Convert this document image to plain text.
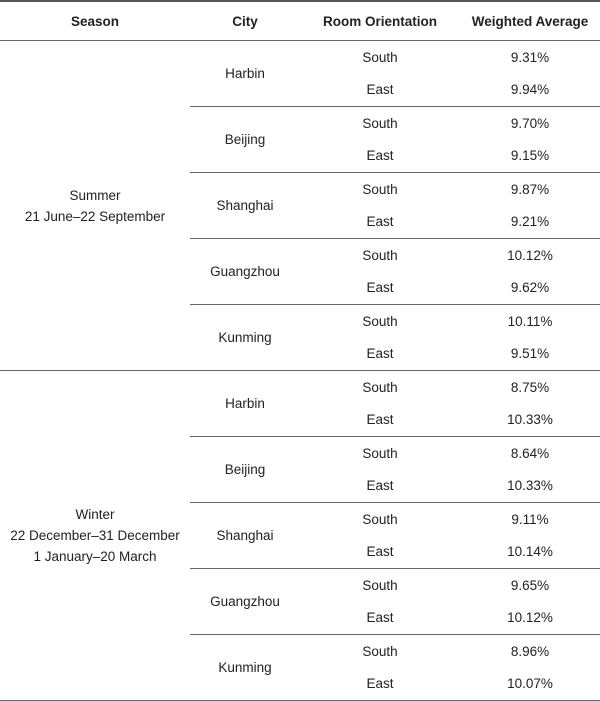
Season	City	Room Orientation	Weighted Average

Summer
21 June–22 September	Harbin	South	9.31%
		East	9.94%
	Beijing	South	9.70%
		East	9.15%
	Shanghai	South	9.87%
		East	9.21%
	Guangzhou	South	10.12%
		East	9.62%
	Kunming	South	10.11%
		East	9.51%

Winter
22 December–31 December
1 January–20 March	Harbin	South	8.75%
		East	10.33%
	Beijing	South	8.64%
		East	10.33%
	Shanghai	South	9.11%
		East	10.14%
	Guangzhou	South	9.65%
		East	10.12%
	Kunming	South	8.96%
		East	10.07%
